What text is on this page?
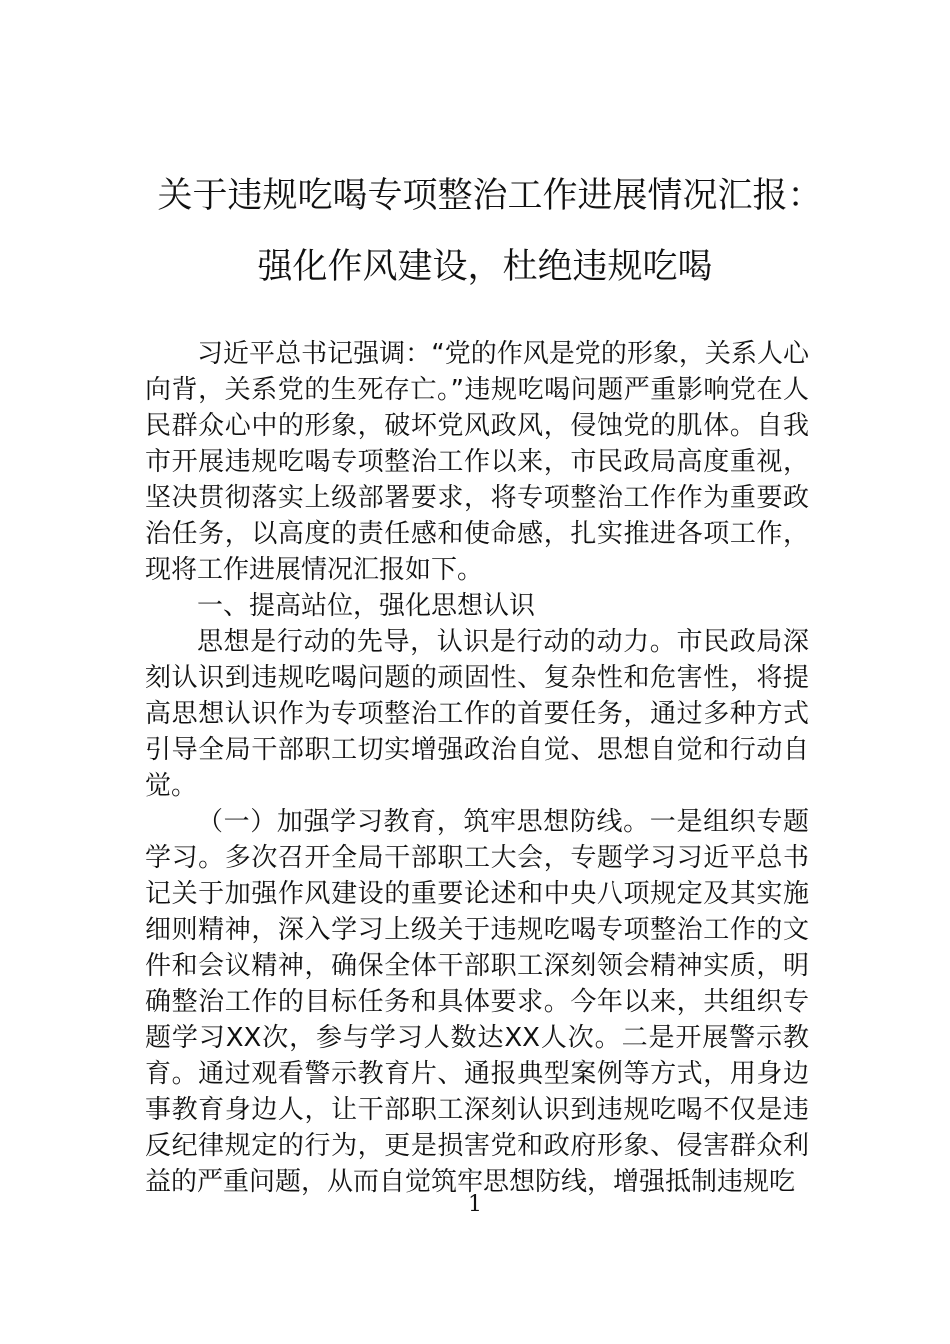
关于违规吃喝专项整治工作进展情况汇报：
强化作风建设，杜绝违规吃喝

习近平总书记强调：“党的作风是党的形象，关系人心向背，关系党的生死存亡。”违规吃喝问题严重影响党在人民群众心中的形象，破坏党风政风，侵蚀党的肌体。自我市开展违规吃喝专项整治工作以来，市民政局高度重视，坚决贯彻落实上级部署要求，将专项整治工作作为重要政治任务，以高度的责任感和使命感，扎实推进各项工作，现将工作进展情况汇报如下。

一、提高站位，强化思想认识

思想是行动的先导，认识是行动的动力。市民政局深刻认识到违规吃喝问题的顽固性、复杂性和危害性，将提高思想认识作为专项整治工作的首要任务，通过多种方式引导全局干部职工切实增强政治自觉、思想自觉和行动自觉。

（一）加强学习教育，筑牢思想防线。一是组织专题学习。多次召开全局干部职工大会，专题学习习近平总书记关于加强作风建设的重要论述和中央八项规定及其实施细则精神，深入学习上级关于违规吃喝专项整治工作的文件和会议精神，确保全体干部职工深刻领会精神实质，明确整治工作的目标任务和具体要求。今年以来，共组织专题学习XX次，参与学习人数达XX人次。二是开展警示教育。通过观看警示教育片、通报典型案例等方式，用身边事教育身边人，让干部职工深刻认识到违规吃喝不仅是违反纪律规定的行为，更是损害党和政府形象、侵害群众利益的严重问题，从而自觉筑牢思想防线，增强抵制违规吃

1
